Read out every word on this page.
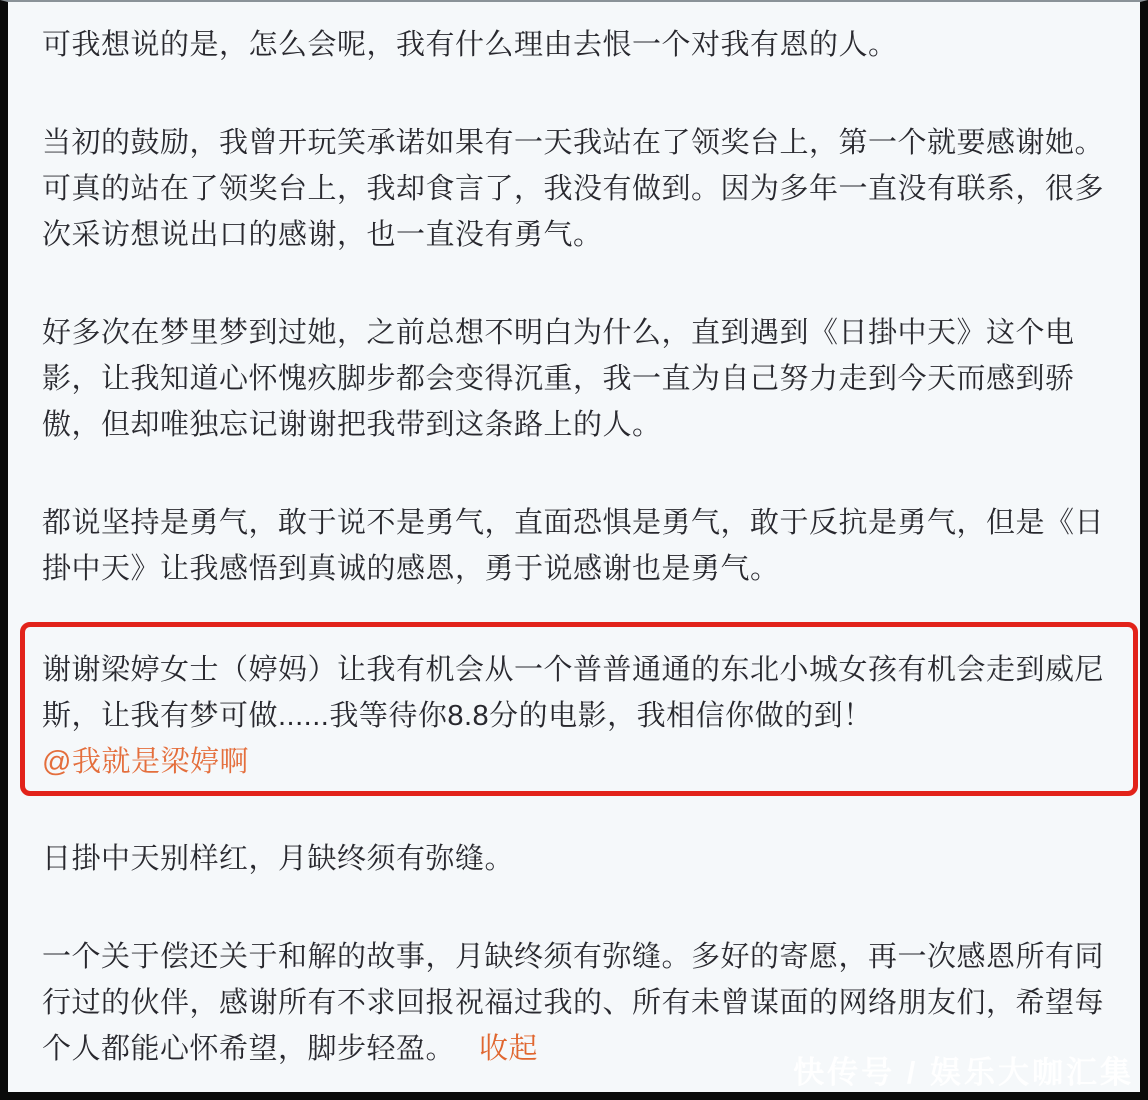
可我想说的是，怎么会呢，我有什么理由去恨一个对我有恩的人。
当初的鼓励，我曾开玩笑承诺如果有一天我站在了领奖台上，第一个就要感谢她。
可真的站在了领奖台上，我却食言了，我没有做到。因为多年一直没有联系，很多
次采访想说出口的感谢，也一直没有勇气。
好多次在梦里梦到过她，之前总想不明白为什么，直到遇到《日掛中天》这个电
影，让我知道心怀愧疚脚步都会变得沉重，我一直为自己努力走到今天而感到骄
傲，但却唯独忘记谢谢把我带到这条路上的人。
都说坚持是勇气，敢于说不是勇气，直面恐惧是勇气，敢于反抗是勇气，但是《日
掛中天》让我感悟到真诚的感恩，勇于说感谢也是勇气。
谢谢梁婷女士（婷妈）让我有机会从一个普普通通的东北小城女孩有机会走到威尼
斯，让我有梦可做......我等待你8.8分的电影，我相信你做的到！
@我就是梁婷啊
日掛中天别样红，月缺终须有弥缝。
一个关于偿还关于和解的故事，月缺终须有弥缝。多好的寄愿，再一次感恩所有同
行过的伙伴，感谢所有不求回报祝福过我的、所有未曾谋面的网络朋友们，希望每
个人都能心怀希望，脚步轻盈。 收起
快传号 / 娱乐大咖汇集
